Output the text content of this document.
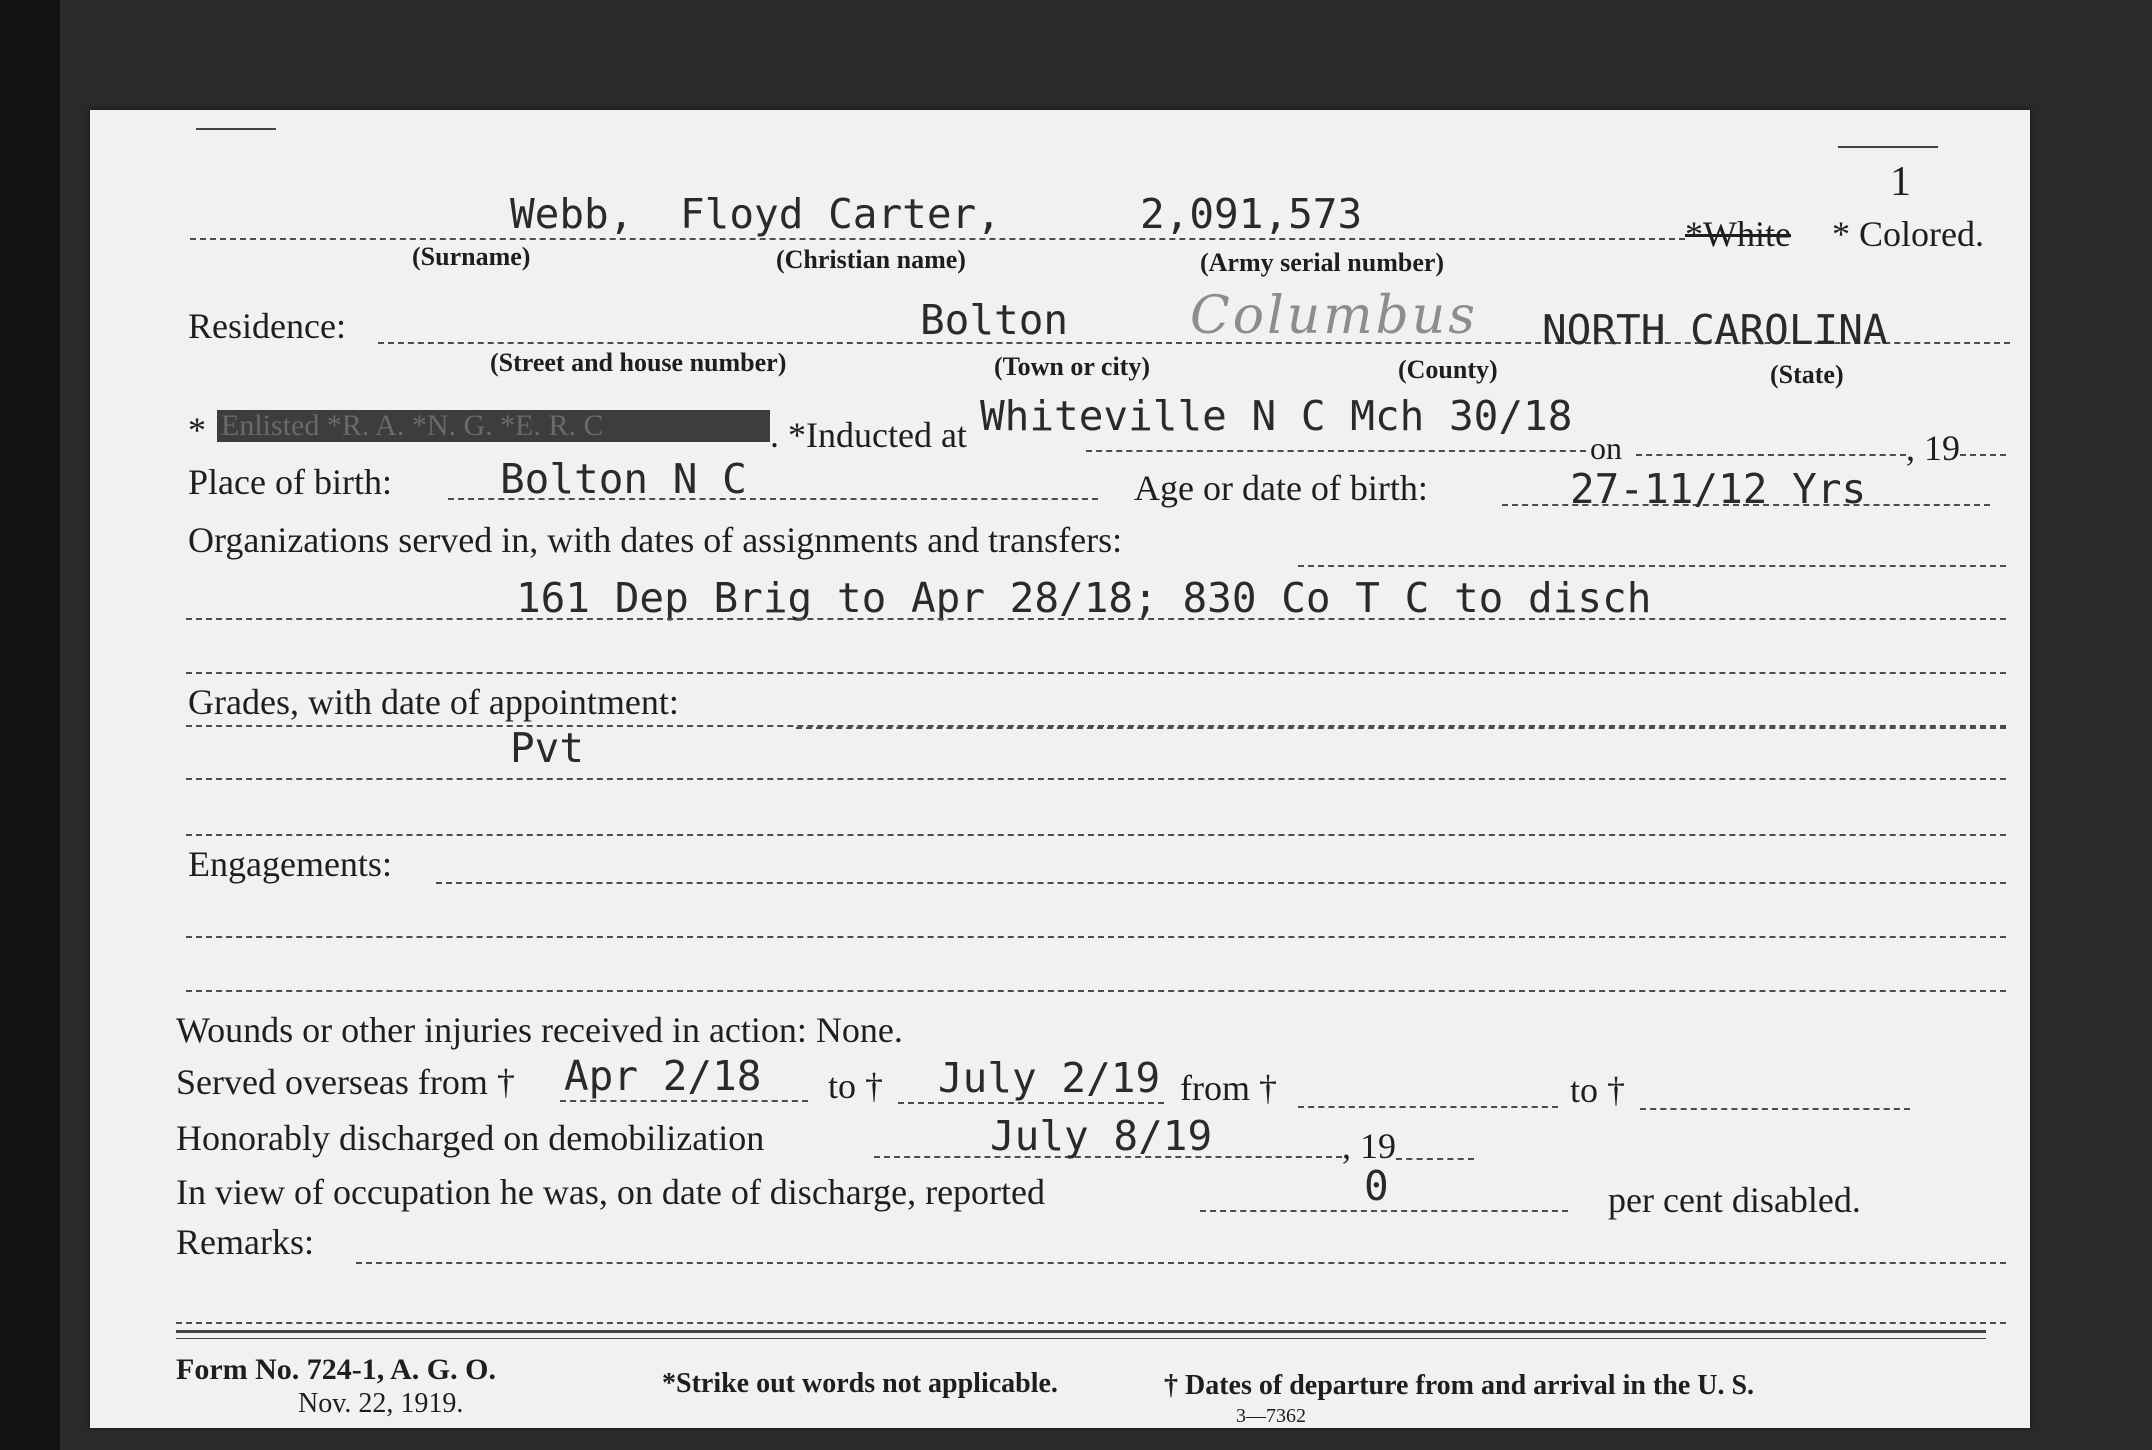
1
Webb, Floyd Carter,	2,091,573	*White * Colored.
(Surname)	(Christian name)	(Army serial number)
Residence:	Bolton Columbus NORTH CAROLINA
(Street and house number)	(Town or city)	(County)	(State)
* Enlisted *R. A. *N. G. *E. R. C	. *Inducted at Whiteville N C Mch 30/18
on	, 19
Place of birth:	Bolton N C	Age or date of birth:	27-11/12 Yrs
Organizations served in, with dates of assignments and transfers:
161 Dep Brig to Apr 28/18; 830 Co T C to disch
Grades, with date of appointment:
Pvt
Engagements:
Wounds or other injuries received in action: None.
Served overseas from † Apr 2/18 to † July 2/19 from †	to †
Honorably discharged on demobilization	July 8/19	, 19
In view of occupation he was, on date of discharge, reported	0	per cent disabled.
Remarks:
Form No. 724-1, A. G. O.
Nov. 22, 1919.
*Strike out words not applicable.	† Dates of departure from and arrival in the U. S.
3—7362
